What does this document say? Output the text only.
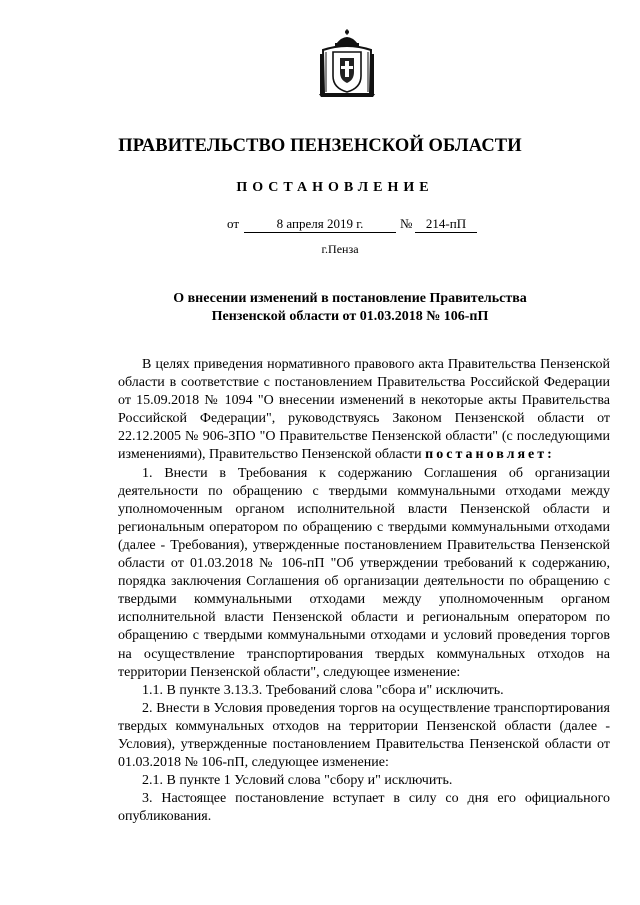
ПРАВИТЕЛЬСТВО ПЕНЗЕНСКОЙ ОБЛАСТИ
ПОСТАНОВЛЕНИЕ
от	8 апреля 2019 г.	№	214-пП
г.Пенза
О внесении изменений в постановление Правительства
Пензенской области от 01.03.2018 № 106-пП

В целях приведения нормативного правового акта Правительства Пензенской области в соответствие с постановлением Правительства Российской Федерации от 15.09.2018 № 1094 "О внесении изменений в некоторые акты Правительства Российской Федерации", руководствуясь Законом Пензенской области от 22.12.2005 № 906-ЗПО "О Правительстве Пензенской области" (с последующими изменениями), Правительство Пензенской области постановляет:

1. Внести в Требования к содержанию Соглашения об организации деятельности по обращению с твердыми коммунальными отходами между уполномоченным органом исполнительной власти Пензенской области и региональным оператором по обращению с твердыми коммунальными отходами (далее - Требования), утвержденные постановлением Правительства Пензенской области от 01.03.2018 № 106-пП "Об утверждении требований к содержанию, порядка заключения Соглашения об организации деятельности по обращению с твердыми коммунальными отходами между уполномоченным органом исполнительной власти Пензенской области и региональным оператором по обращению с твердыми коммунальными отходами и условий проведения торгов на осуществление транспортирования твердых коммунальных отходов на территории Пензенской области", следующее изменение:

1.1. В пункте 3.13.3. Требований слова "сбора и" исключить.

2. Внести в Условия проведения торгов на осуществление транспортирования твердых коммунальных отходов на территории Пензенской области (далее - Условия), утвержденные постановлением Правительства Пензенской области от 01.03.2018 № 106-пП, следующее изменение:

2.1. В пункте 1 Условий слова "сбору и" исключить.

3. Настоящее постановление вступает в силу со дня его официального опубликования.
